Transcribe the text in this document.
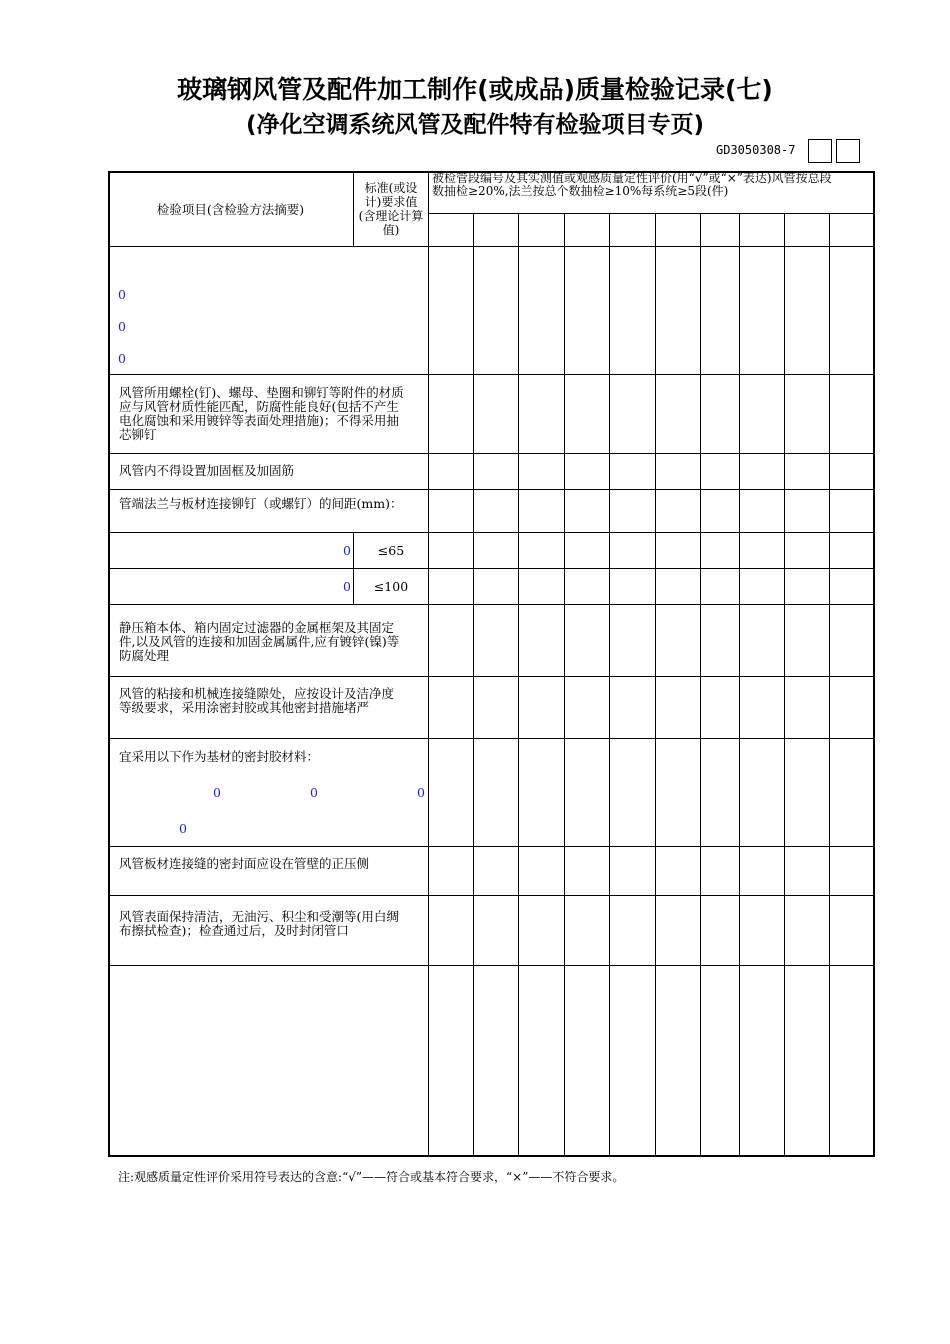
玻璃钢风管及配件加工制作(或成品)质量检验记录(七)
(净化空调系统风管及配件特有检验项目专页)
GD3050308-7
检验项目(含检验方法摘要)
标准(或设计)要求值(含理论计算值)
被检管段编号及其实测值或观感质量定性评价(用“√”或“×”表达)风管按总段数抽检≥20%,法兰按总个数抽检≥10%每系统≥5段(件)
0
0
0
风管所用螺栓(钉)、螺母、垫圈和铆钉等附件的材质应与风管材质性能匹配，防腐性能良好(包括不产生电化腐蚀和采用镀锌等表面处理措施)；不得采用抽芯铆钉
风管内不得设置加固框及加固筋
管端法兰与板材连接铆钉（或螺钉）的间距(mm)：
0	≤65
0	≤100
静压箱本体、箱内固定过滤器的金属框架及其固定件,以及风管的连接和加固金属属件,应有镀锌(镍)等防腐处理
风管的粘接和机械连接缝隙处，应按设计及洁净度等级要求，采用涂密封胶或其他密封措施堵严
宜采用以下作为基材的密封胶材料：
0	0	0
0
风管板材连接缝的密封面应设在管壁的正压侧
风管表面保持清洁，无油污、积尘和受潮等(用白绸布擦拭检查)；检查通过后，及时封闭管口
注:观感质量定性评价采用符号表达的含意:“√”——符合或基本符合要求，“×”——不符合要求。
